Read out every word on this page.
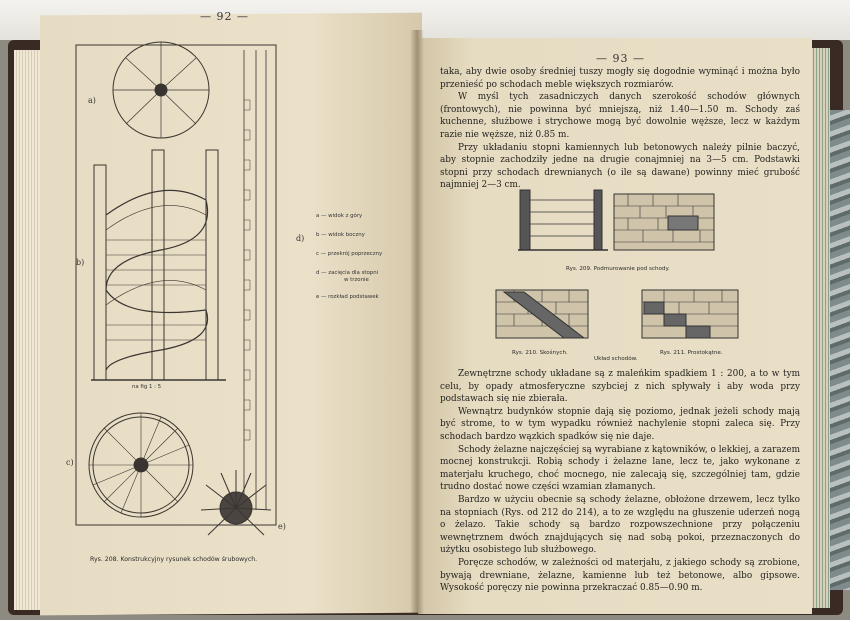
— 92 —
a)
b)
c)
d)
e)
na fig 1 : 5
a — widok z góry
b — widok boczny
c — przekrój poprzeczny
d — zacięcia dla stopni
w trzonie
e — rozkład podstawek
Rys. 208. Konstrukcyjny rysunek schodów śrubowych.
— 93 —

taka, aby dwie osoby średniej tuszy mogły się dogodnie wyminąć i można było przenieść po schodach meble większych rozmiarów.

W myśl tych zasadniczych danych szerokość schodów głównych (frontowych), nie powinna być mniejszą, niż 1.40—1.50 m. Schody zaś kuchenne, służbowe i strychowe mogą być dowolnie węższe, lecz w każdym razie nie węższe, niż 0.85 m.

Przy układaniu stopni kamiennych lub betonowych należy pilnie baczyć, aby stopnie zachodziły jedne na drugie conajmniej na 3—5 cm. Podstawki stopni przy schodach drewnianych (o ile są dawane) powinny mieć grubość najmniej 2—3 cm.

Rys. 209. Podmurowanie pod schody.
Rys. 210. Skośnych.
Układ schodów.
Rys. 211. Prostokątne.

Zewnętrzne schody układane są z maleńkim spadkiem 1 : 200, a to w tym celu, by opady atmosferyczne szybciej z nich spływały i aby woda przy podstawach się nie zbierała.

Wewnątrz budynków stopnie dają się poziomo, jednak jeżeli schody mają być strome, to w tym wypadku również nachylenie stopni zaleca się. Przy schodach bardzo wązkich spadków się nie daje.

Schody żelazne najczęściej są wyrabiane z kątowników, o lekkiej, a zarazem mocnej konstrukcji. Robią schody i żelazne lane, lecz te, jako wykonane z materjału kruchego, choć mocnego, nie zalecają się, szczególniej tam, gdzie trudno dostać nowe części wzamian złamanych.

Bardzo w użyciu obecnie są schody żelazne, obłożone drzewem, lecz tylko na stopniach (Rys. od 212 do 214), a to ze względu na głuszenie uderzeń nogą o żelazo. Takie schody są bardzo rozpowszechnione przy połączeniu wewnętrznem dwóch znajdujących się nad sobą pokoi, przeznaczonych do użytku osobistego lub służbowego.

Poręcze schodów, w zależności od materjału, z jakiego schody są zrobione, bywają drewniane, żelazne, kamienne lub też betonowe, albo gipsowe. Wysokość poręczy nie powinna przekraczać 0.85—0.90 m.
